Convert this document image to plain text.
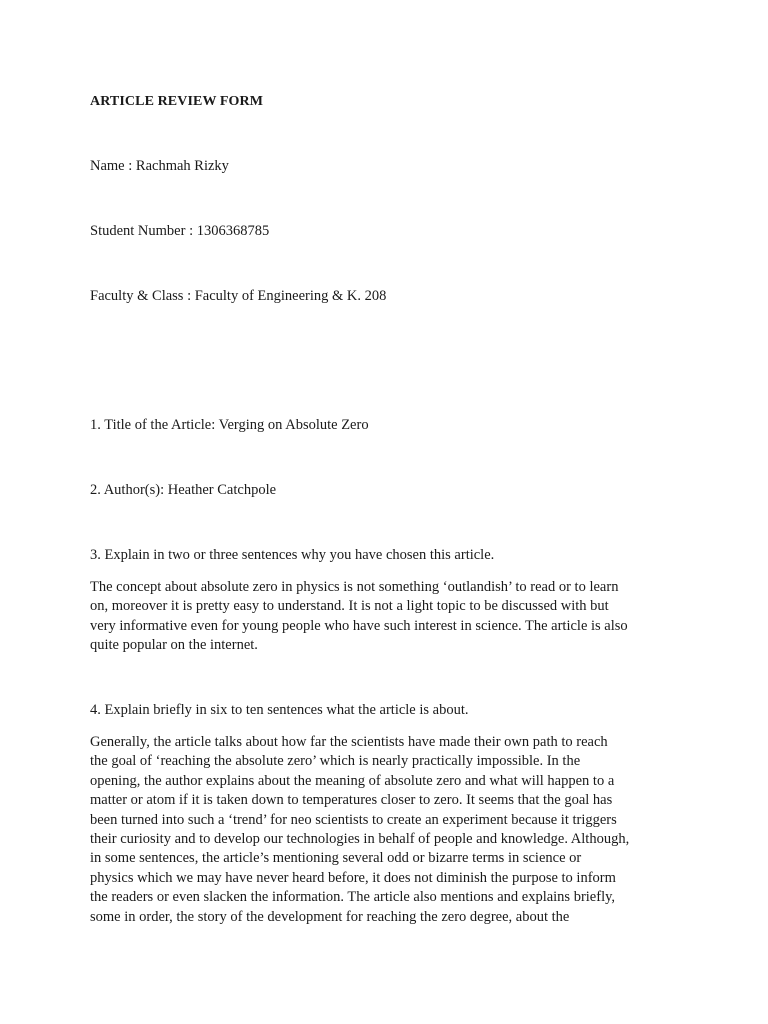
ARTICLE REVIEW FORM
Name : Rachmah Rizky
Student Number : 1306368785
Faculty & Class : Faculty of Engineering & K. 208
1. Title of the Article: Verging on Absolute Zero
2. Author(s): Heather Catchpole
3. Explain in two or three sentences why you have chosen this article.
The concept about absolute zero in physics is not something ‘outlandish’ to read or to learn
on, moreover it is pretty easy to understand. It is not a light topic to be discussed with but
very informative even for young people who have such interest in science. The article is also
quite popular on the internet.
4. Explain briefly in six to ten sentences what the article is about.
Generally, the article talks about how far the scientists have made their own path to reach
the goal of ‘reaching the absolute zero’ which is nearly practically impossible. In the
opening, the author explains about the meaning of absolute zero and what will happen to a
matter or atom if it is taken down to temperatures closer to zero. It seems that the goal has
been turned into such a ‘trend’ for neo scientists to create an experiment because it triggers
their curiosity and to develop our technologies in behalf of people and knowledge. Although,
in some sentences, the article’s mentioning several odd or bizarre terms in science or
physics which we may have never heard before, it does not diminish the purpose to inform
the readers or even slacken the information. The article also mentions and explains briefly,
some in order, the story of the development for reaching the zero degree, about the
